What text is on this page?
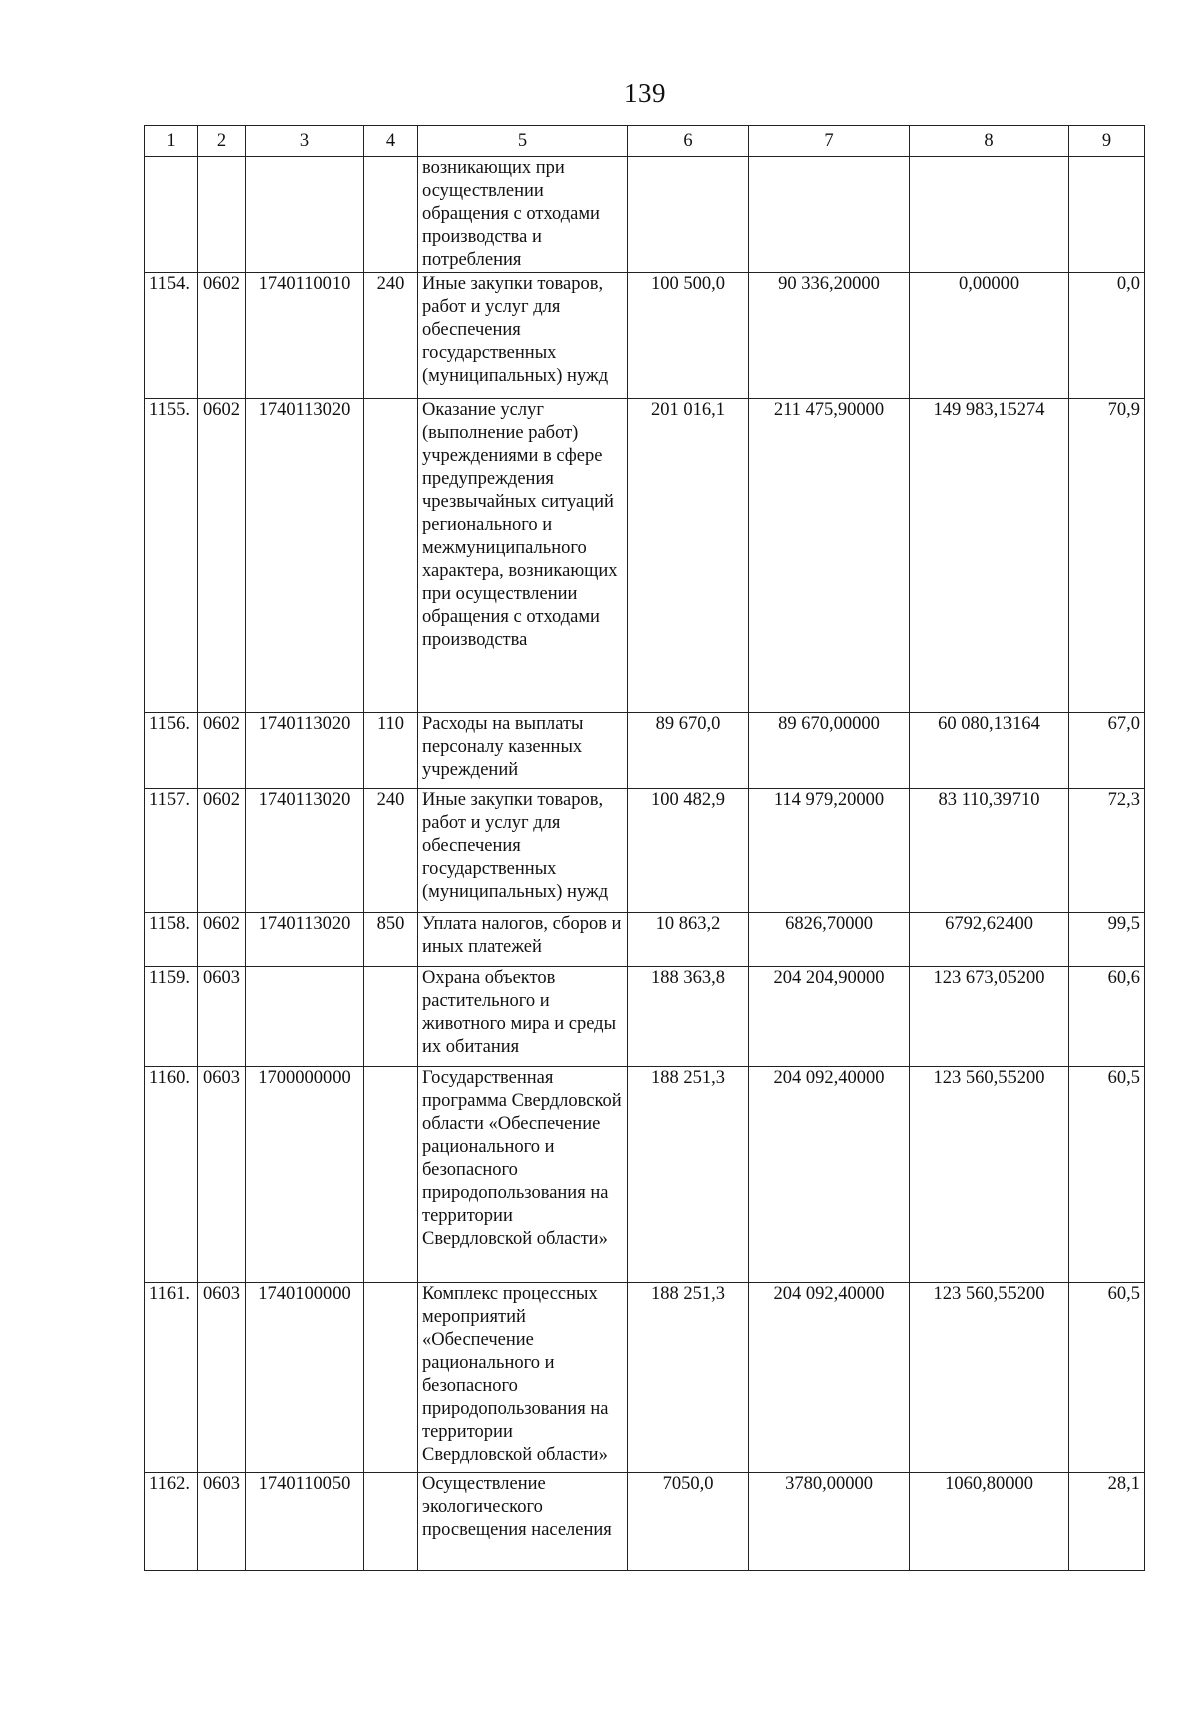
139
1	2	3	4	5	6	7	8	9
				возникающих при осуществлении обращения с отходами производства и потребления				
1154.	0602	1740110010	240	Иные закупки товаров, работ и услуг для обеспечения государственных (муниципальных) нужд	100 500,0	90 336,20000	0,00000	0,0
1155.	0602	1740113020		Оказание услуг (выполнение работ) учреждениями в сфере предупреждения чрезвычайных ситуаций регионального и межмуниципального характера, возникающих при осуществлении обращения с отходами производства	201 016,1	211 475,90000	149 983,15274	70,9
1156.	0602	1740113020	110	Расходы на выплаты персоналу казенных учреждений	89 670,0	89 670,00000	60 080,13164	67,0
1157.	0602	1740113020	240	Иные закупки товаров, работ и услуг для обеспечения государственных (муниципальных) нужд	100 482,9	114 979,20000	83 110,39710	72,3
1158.	0602	1740113020	850	Уплата налогов, сборов и иных платежей	10 863,2	6826,70000	6792,62400	99,5
1159.	0603			Охрана объектов растительного и животного мира и среды их обитания	188 363,8	204 204,90000	123 673,05200	60,6
1160.	0603	1700000000		Государственная программа Свердловской области «Обеспечение рационального и безопасного природопользования на территории Свердловской области»	188 251,3	204 092,40000	123 560,55200	60,5
1161.	0603	1740100000		Комплекс процессных мероприятий «Обеспечение рационального и безопасного природопользования на территории Свердловской области»	188 251,3	204 092,40000	123 560,55200	60,5
1162.	0603	1740110050		Осуществление экологического просвещения населения	7050,0	3780,00000	1060,80000	28,1
